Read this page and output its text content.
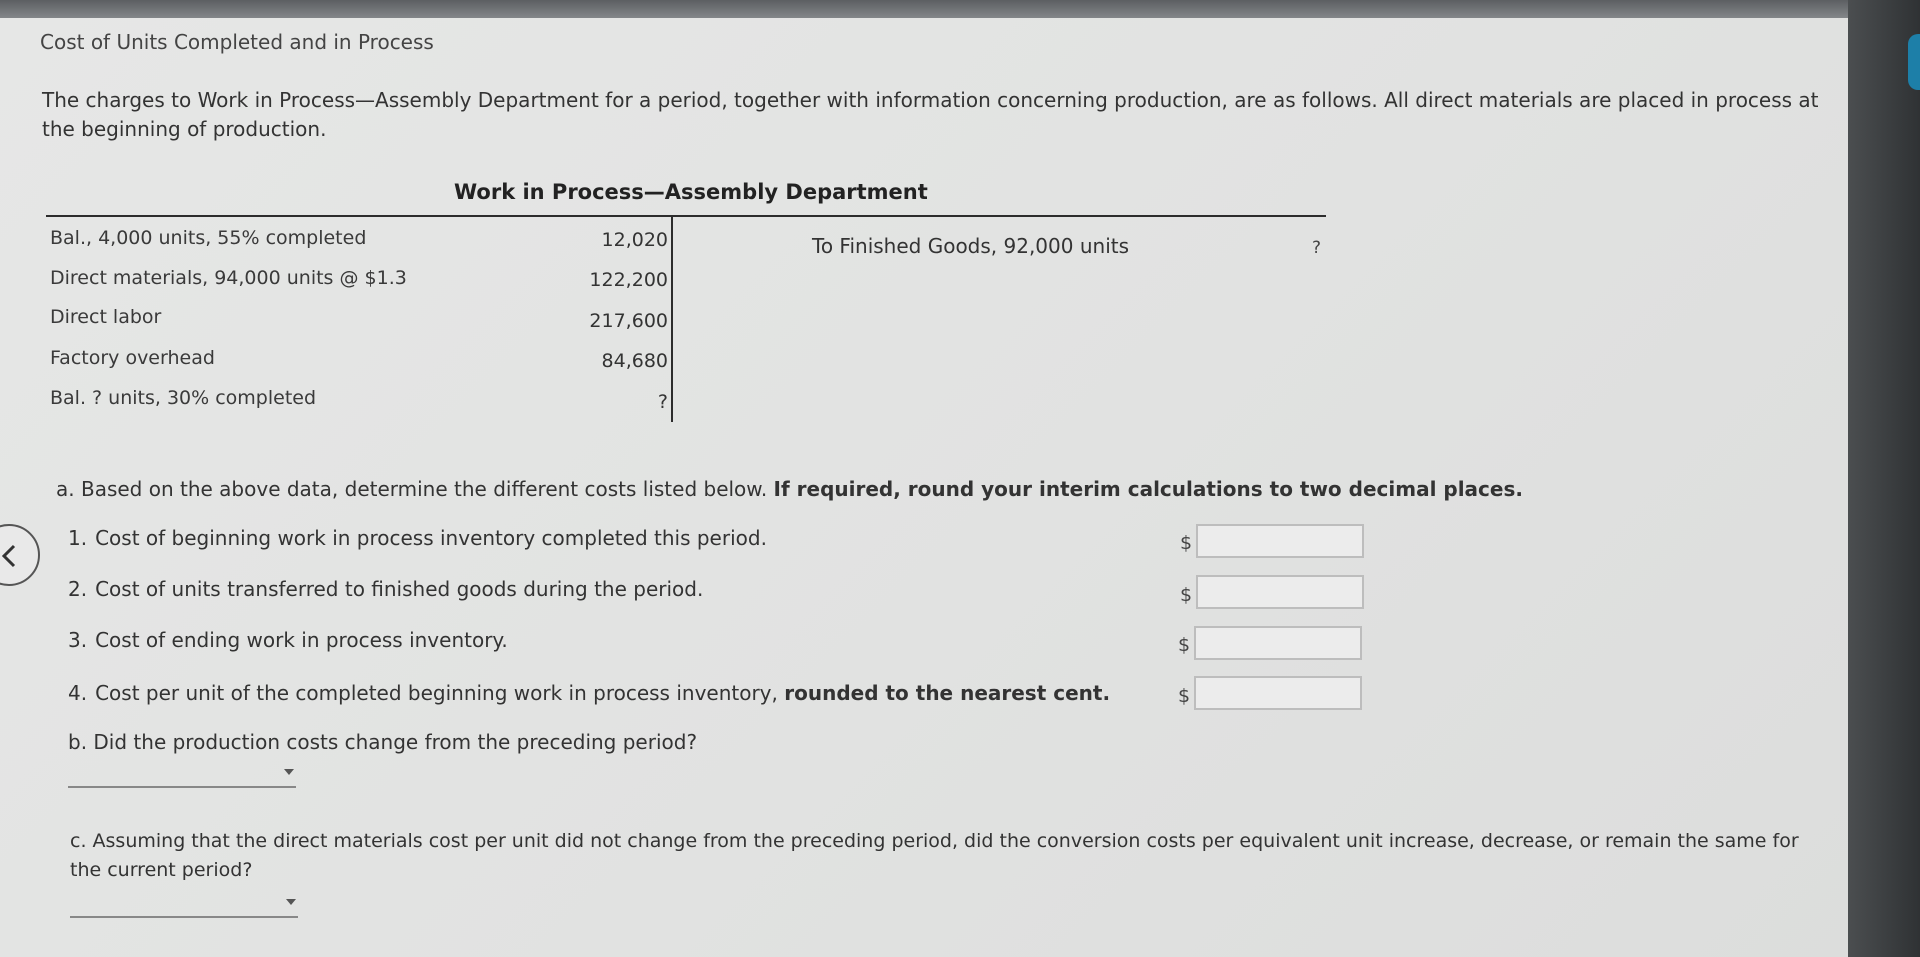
Cost of Units Completed and in Process
The charges to Work in Process—Assembly Department for a period, together with information concerning production, are as follows. All direct materials are placed in process at the beginning of production.
Work in Process—Assembly Department
Bal., 4,000 units, 55% completed	12,020
Direct materials, 94,000 units @ $1.3	122,200
Direct labor	217,600
Factory overhead	84,680
Bal. ? units, 30% completed	?
To Finished Goods, 92,000 units	?
a. Based on the above data, determine the different costs listed below. If required, round your interim calculations to two decimal places.
1. Cost of beginning work in process inventory completed this period.	$
2. Cost of units transferred to finished goods during the period.	$
3. Cost of ending work in process inventory.	$
4. Cost per unit of the completed beginning work in process inventory, rounded to the nearest cent.	$
b. Did the production costs change from the preceding period?
c. Assuming that the direct materials cost per unit did not change from the preceding period, did the conversion costs per equivalent unit increase, decrease, or remain the same for the current period?
